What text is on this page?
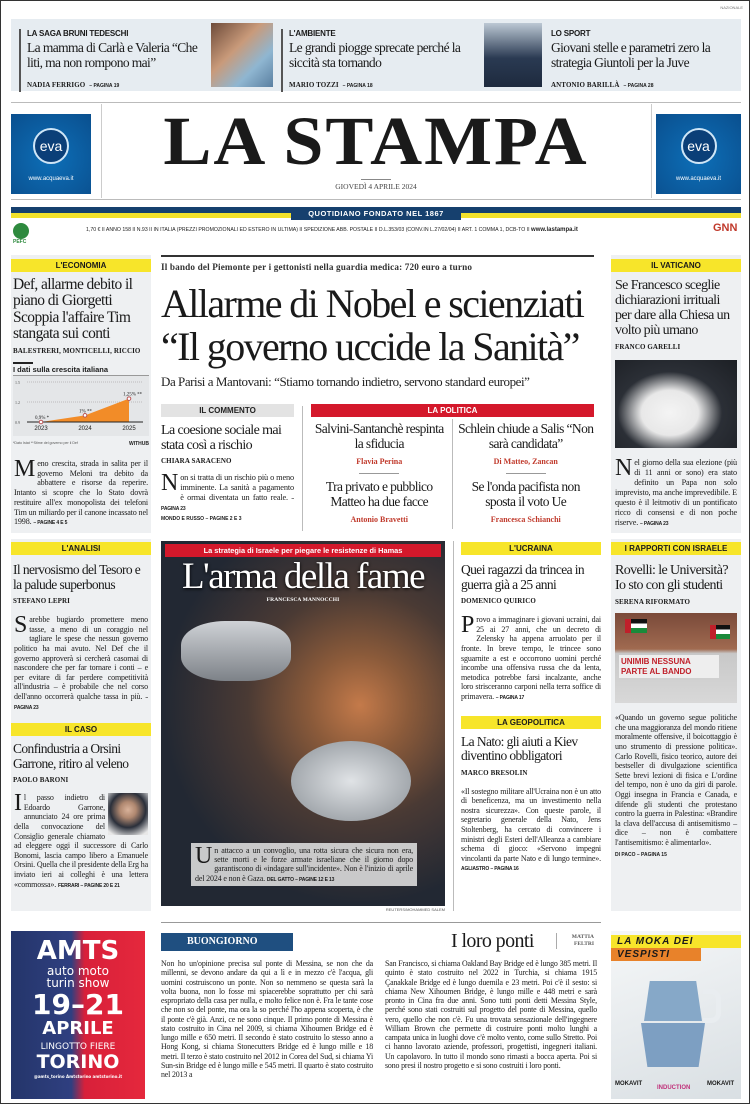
NAZIONALE
LA SAGA BRUNI TEDESCHI
La mamma di Carlà e Valeria “Che liti, ma non rompono mai”
NADIA FERRIGO – PAGINA 19
L'AMBIENTE
Le grandi piogge sprecate perché la siccità sta tornando
MARIO TOZZI – PAGINA 18
LO SPORT
Giovani stelle e parametri zero la strategia Giuntoli per la Juve
ANTONIO BARILLÀ – PAGINA 28
eva
www.acquaeva.it
eva
www.acquaeva.it
LA STAMPA
GIOVEDÌ 4 APRILE 2024
QUOTIDIANO FONDATO NEL 1867
PEFC
1,70 € II ANNO 158 II N.93 II IN ITALIA (PREZZI PROMOZIONALI ED ESTERO IN ULTIMA) II SPEDIZIONE ABB. POSTALE II D.L.353/03 (CONV.IN L.27/02/04) II ART. 1 COMMA 1, DCB-TO II www.lastampa.it	GNN
L'ECONOMIA
Def, allarme debito il piano di Giorgetti Scoppia l'affaire Tim stangata sui conti
BALESTRERI, MONTICELLI, RICCIO
I dati sulla crescita italiana
0.9
1.2
1.5
0,9% *
2023
1% **
2024
1,25% **
2025
*Dato Istat **Stime del governo per il Def	WITHUB

Meno crescita, strada in salita per il governo Meloni tra debito da abbattere e risorse da reperire. Intanto si scopre che lo Stato dovrà restituire all'ex monopolista dei telefoni Tim un miliardo per il canone incassato nel 1998. – PAGINE 4 E 5

Il bando del Piemonte per i gettonisti nella guardia medica: 720 euro a turno
Allarme di Nobel e scienziati
“Il governo uccide la Sanità”
Da Parisi a Mantovani: “Stiamo tornando indietro, servono standard europei”
IL COMMENTO
La coesione sociale mai stata così a rischio
CHIARA SARACENO

Non si tratta di un rischio più o meno imminente. La sanità a pagamento è ormai diventata un fatto reale. – PAGINA 23

MONDO E RUSSO – PAGINE 2 E 3
LA POLITICA
Salvini-Santanchè respinta la sfiducia
Flavia Perina
Schlein chiude a Salis “Non sarà candidata”
Di Matteo, Zancan
Tra privato e pubblico Matteo ha due facce
Antonio Bravetti
Se l'onda pacifista non sposta il voto Ue
Francesca Schianchi
IL VATICANO
Se Francesco sceglie dichiarazioni irrituali per dare alla Chiesa un volto più umano
FRANCO GARELLI

Nel giorno della sua elezione (più di 11 anni or sono) era stato definito un Papa non solo imprevisto, ma anche imprevedibile. E questo è il leitmotiv di un pontificato ricco di consensi e di non poche riserve. – PAGINA 23

L'ANALISI
Il nervosismo del Tesoro e la palude superbonus
STEFANO LEPRI

Sarebbe bugiardo promettere meno tasse, a meno di un coraggio nel tagliare le spese che nessun governo politico ha mai avuto. Nel Def che il governo approverà si cercherà casomai di nascondere che per far tornare i conti – e per evitare di far perdere competitività all'industria – è probabile che nel corso dell'anno occorrerà qualche tassa in più. – PAGINA 23

IL CASO
Confindustria a Orsini Garrone, ritiro al veleno
PAOLO BARONI

Il passo indietro di Edoardo Garrone, annunciato 24 ore prima della convocazione del Consiglio generale chiamato ad eleggere oggi il successore di Carlo Bonomi, lascia campo libero a Emanuele Orsini. Quella che il presidente della Erg ha inviato ieri ai colleghi è una lettera «commossa». FERRARI – PAGINE 20 E 21

La strategia di Israele per piegare le resistenze di Hamas
L'arma della fame
FRANCESCA MANNOCCHI

Un attacco a un convoglio, una rotta sicura che sicura non era, sette morti e le forze armate israeliane che il giorno dopo garantiscono di «indagare sull'incidente». Non è l'inizio di aprile del 2024 e non è Gaza. DEL GATTO – PAGINE 12 E 13

REUTERS/MOHAMMED SALEM
L'UCRAINA
Quei ragazzi da trincea in guerra già a 25 anni
DOMENICO QUIRICO

Provo a immaginare i giovani ucraini, dai 25 ai 27 anni, che un decreto di Zelensky ha appena arruolato per il fronte. In breve tempo, le trincee sono sguarnite a est e occorrono uomini perché incombe una offensiva russa che da lenta, metodica potrebbe farsi incalzante, anche loro strisceranno carponi nella terra soffice di primavera. – PAGINA 17

LA GEOPOLITICA
La Nato: gli aiuti a Kiev diventino obbligatori
MARCO BRESOLIN

«Il sostegno militare all'Ucraina non è un atto di beneficenza, ma un investimento nella nostra sicurezza». Con queste parole, il segretario generale della Nato, Jens Stoltenberg, ha cercato di convincere i ministri degli Esteri dell'Alleanza a cambiare schema di gioco: «Servono impegni vincolanti da parte Nato e di lungo termine». AGLIASTRO – PAGINA 16

I RAPPORTI CON ISRAELE
Rovelli: le Università? Io sto con gli studenti
SERENA RIFORMATO
UNIMIB NESSUNA PARTE AL BANDO

«Quando un governo segue politiche che una maggioranza del mondo ritiene moralmente offensive, il boicottaggio è uno strumento di pressione politica». Carlo Rovelli, fisico teorico, autore dei bestseller di divulgazione scientifica Sette brevi lezioni di fisica e L'ordine del tempo, non è uno da giri di parole. Oggi insegna in Francia e Canada, e difende gli studenti che protestano contro la guerra in Palestina: «Brandire la clava dell'accusa di antisemitismo – dice – non è combattere l'antisemitismo: è alimentarlo».

DI PACO – PAGINA 15
AMTS
auto moto
turin show
19–21
APRILE
LINGOTTO FIERE
TORINO
@amts_torino Amtstorino amtstorino.it
BUONGIORNO	I loro ponti	MATTIA
FELTRI

Non ho un'opinione precisa sul ponte di Messina, se non che da millenni, se devono andare da qui a lì e in mezzo c'è l'acqua, gli uomini costruiscono un ponte. Non so nemmeno se questa sarà la volta buona, non lo fosse mi spiacerebbe soprattutto per chi sarà espropriato della casa per nulla, e molto felice non è. Fra le tante cose che non so del ponte, ma ora la so perché l'ho appena scoperta, è che il ponte c'è già. Anzi, ce ne sono cinque. Il primo ponte di Messina è stato costruito in Cina nel 2009, si chiama Xihoumen Bridge ed è lungo mille e 650 metri. Il secondo è stato costruito lo stesso anno a Hong Kong, si chiama Stonecutters Bridge ed è lungo mille e 18 metri. Il terzo è stato costruito nel 2012 in Corea del Sud, si chiama Yi Sun-sin Bridge ed è lungo mille e 545 metri. Il quarto è stato costruito nel 2013 a

San Francisco, si chiama Oakland Bay Bridge ed è lungo 385 metri. Il quinto è stato costruito nel 2022 in Turchia, si chiama 1915 Çanakkale Bridge ed è lungo duemila e 23 metri. Poi c'è il sesto: si chiama New Xihoumen Bridge, è lungo mille e 448 metri e sarà pronto in Cina fra due anni. Sono tutti ponti detti Messina Style, perché sono stati costruiti sul progetto del ponte di Messina, quello vero, quello che non c'è. Fu una trovata sensazionale dell'ingegnere William Brown che permette di costruire ponti molto lunghi a campata unica in luoghi dove c'è molto vento, come sullo Stretto. Poi ci hanno lavorato aziende, professori, progettisti, ingegneri italiani. Un capolavoro. In tutto il mondo sono rimasti a bocca aperta. Poi si sono presi il nostro progetto e si sono costruiti i loro ponti.

LA MOKA DEI
VESPISTI
MOKAVIT
INDUCTION
MOKAVIT
